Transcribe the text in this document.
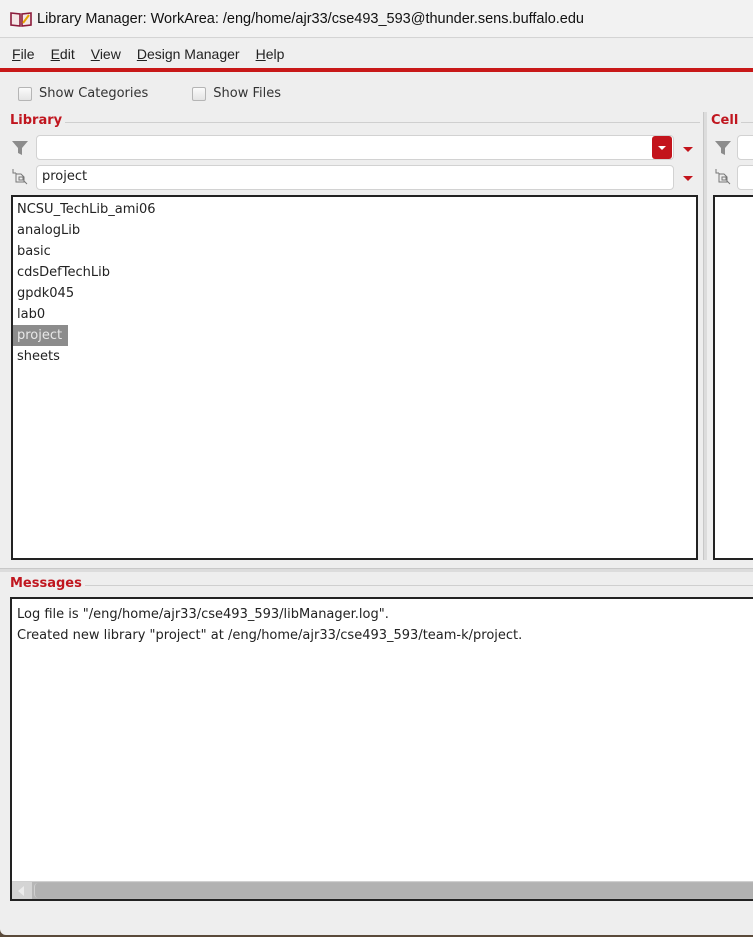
Library Manager: WorkArea: /eng/home/ajr33/cse493_593@thunder.sens.buffalo.edu
File Edit View Design Manager Help
Show Categories	Show Files
Library
project
NCSU_TechLib_ami06
analogLib
basic
cdsDefTechLib
gpdk045
lab0
project
sheets
Cell
Messages
Log file is "/eng/home/ajr33/cse493_593/libManager.log".
Created new library "project" at /eng/home/ajr33/cse493_593/team-k/project.
